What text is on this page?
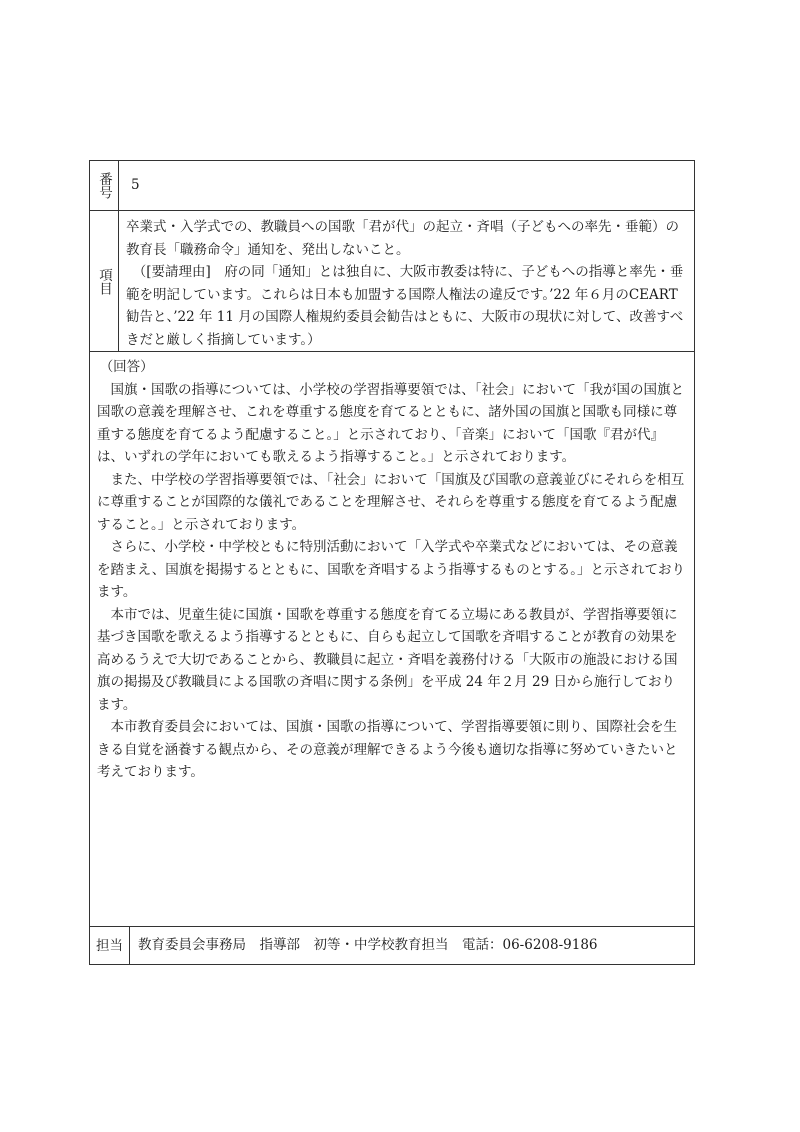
番号	5
項目

卒業式・入学式での、教職員への国歌「君が代」の起立・斉唱（子どもへの率先・垂範）の教育長「職務命令」通知を、発出しないこと。

（[要請理由]　府の同「通知」とは独自に、大阪市教委は特に、子どもへの指導と率先・垂範を明記しています。これらは日本も加盟する国際人権法の違反です。’22 年６月のCEART 勧告と、’22 年 11 月の国際人権規約委員会勧告はともに、大阪市の現状に対して、改善すべきだと厳しく指摘しています。）

（回答）

国旗・国歌の指導については、小学校の学習指導要領では、「社会」において「我が国の国旗と国歌の意義を理解させ、これを尊重する態度を育てるとともに、諸外国の国旗と国歌も同様に尊重する態度を育てるよう配慮すること。」と示されており、「音楽」において「国歌『君が代』は、いずれの学年においても歌えるよう指導すること。」と示されております。

また、中学校の学習指導要領では、「社会」において「国旗及び国歌の意義並びにそれらを相互に尊重することが国際的な儀礼であることを理解させ、それらを尊重する態度を育てるよう配慮すること。」と示されております。

さらに、小学校・中学校ともに特別活動において「入学式や卒業式などにおいては、その意義を踏まえ、国旗を掲揚するとともに、国歌を斉唱するよう指導するものとする。」と示されております。

本市では、児童生徒に国旗・国歌を尊重する態度を育てる立場にある教員が、学習指導要領に基づき国歌を歌えるよう指導するとともに、自らも起立して国歌を斉唱することが教育の効果を高めるうえで大切であることから、教職員に起立・斉唱を義務付ける「大阪市の施設における国旗の掲揚及び教職員による国歌の斉唱に関する条例」を平成 24 年２月 29 日から施行しております。

本市教育委員会においては、国旗・国歌の指導について、学習指導要領に則り、国際社会を生きる自覚を涵養する観点から、その意義が理解できるよう今後も適切な指導に努めていきたいと考えております。

担当	教育委員会事務局　指導部　初等・中学校教育担当　電話：06-6208-9186
